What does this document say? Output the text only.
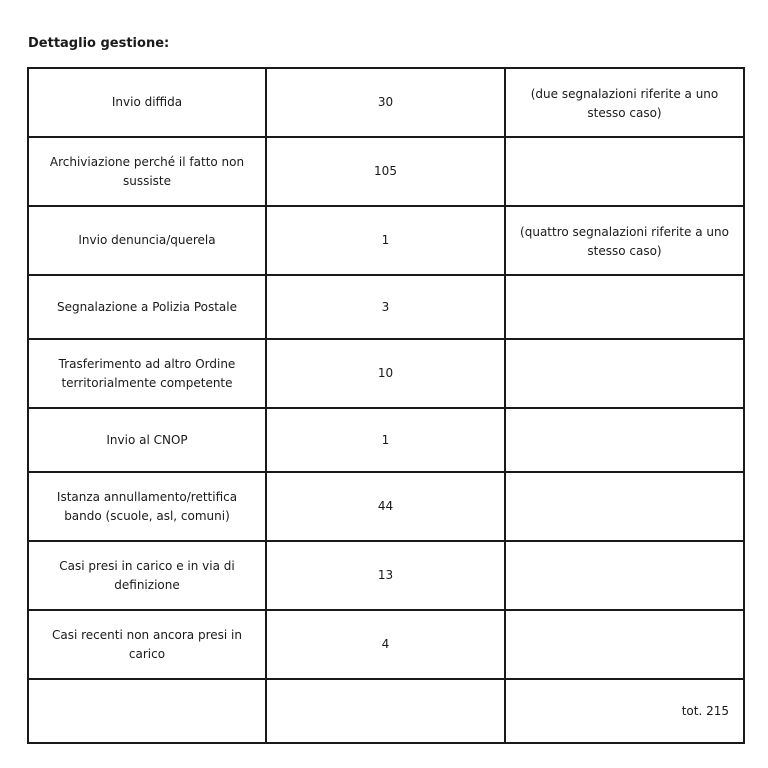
Dettaglio gestione:
Invio diffida	30	(due segnalazioni riferite a uno stesso caso)
Archiviazione perché il fatto non sussiste	105	
Invio denuncia/querela	1	(quattro segnalazioni riferite a uno stesso caso)
Segnalazione a Polizia Postale	3	
Trasferimento ad altro Ordine territorialmente competente	10	
Invio al CNOP	1	
Istanza annullamento/rettifica bando (scuole, asl, comuni)	44	
Casi presi in carico e in via di definizione	13	
Casi recenti non ancora presi in carico	4	
		tot. 215
